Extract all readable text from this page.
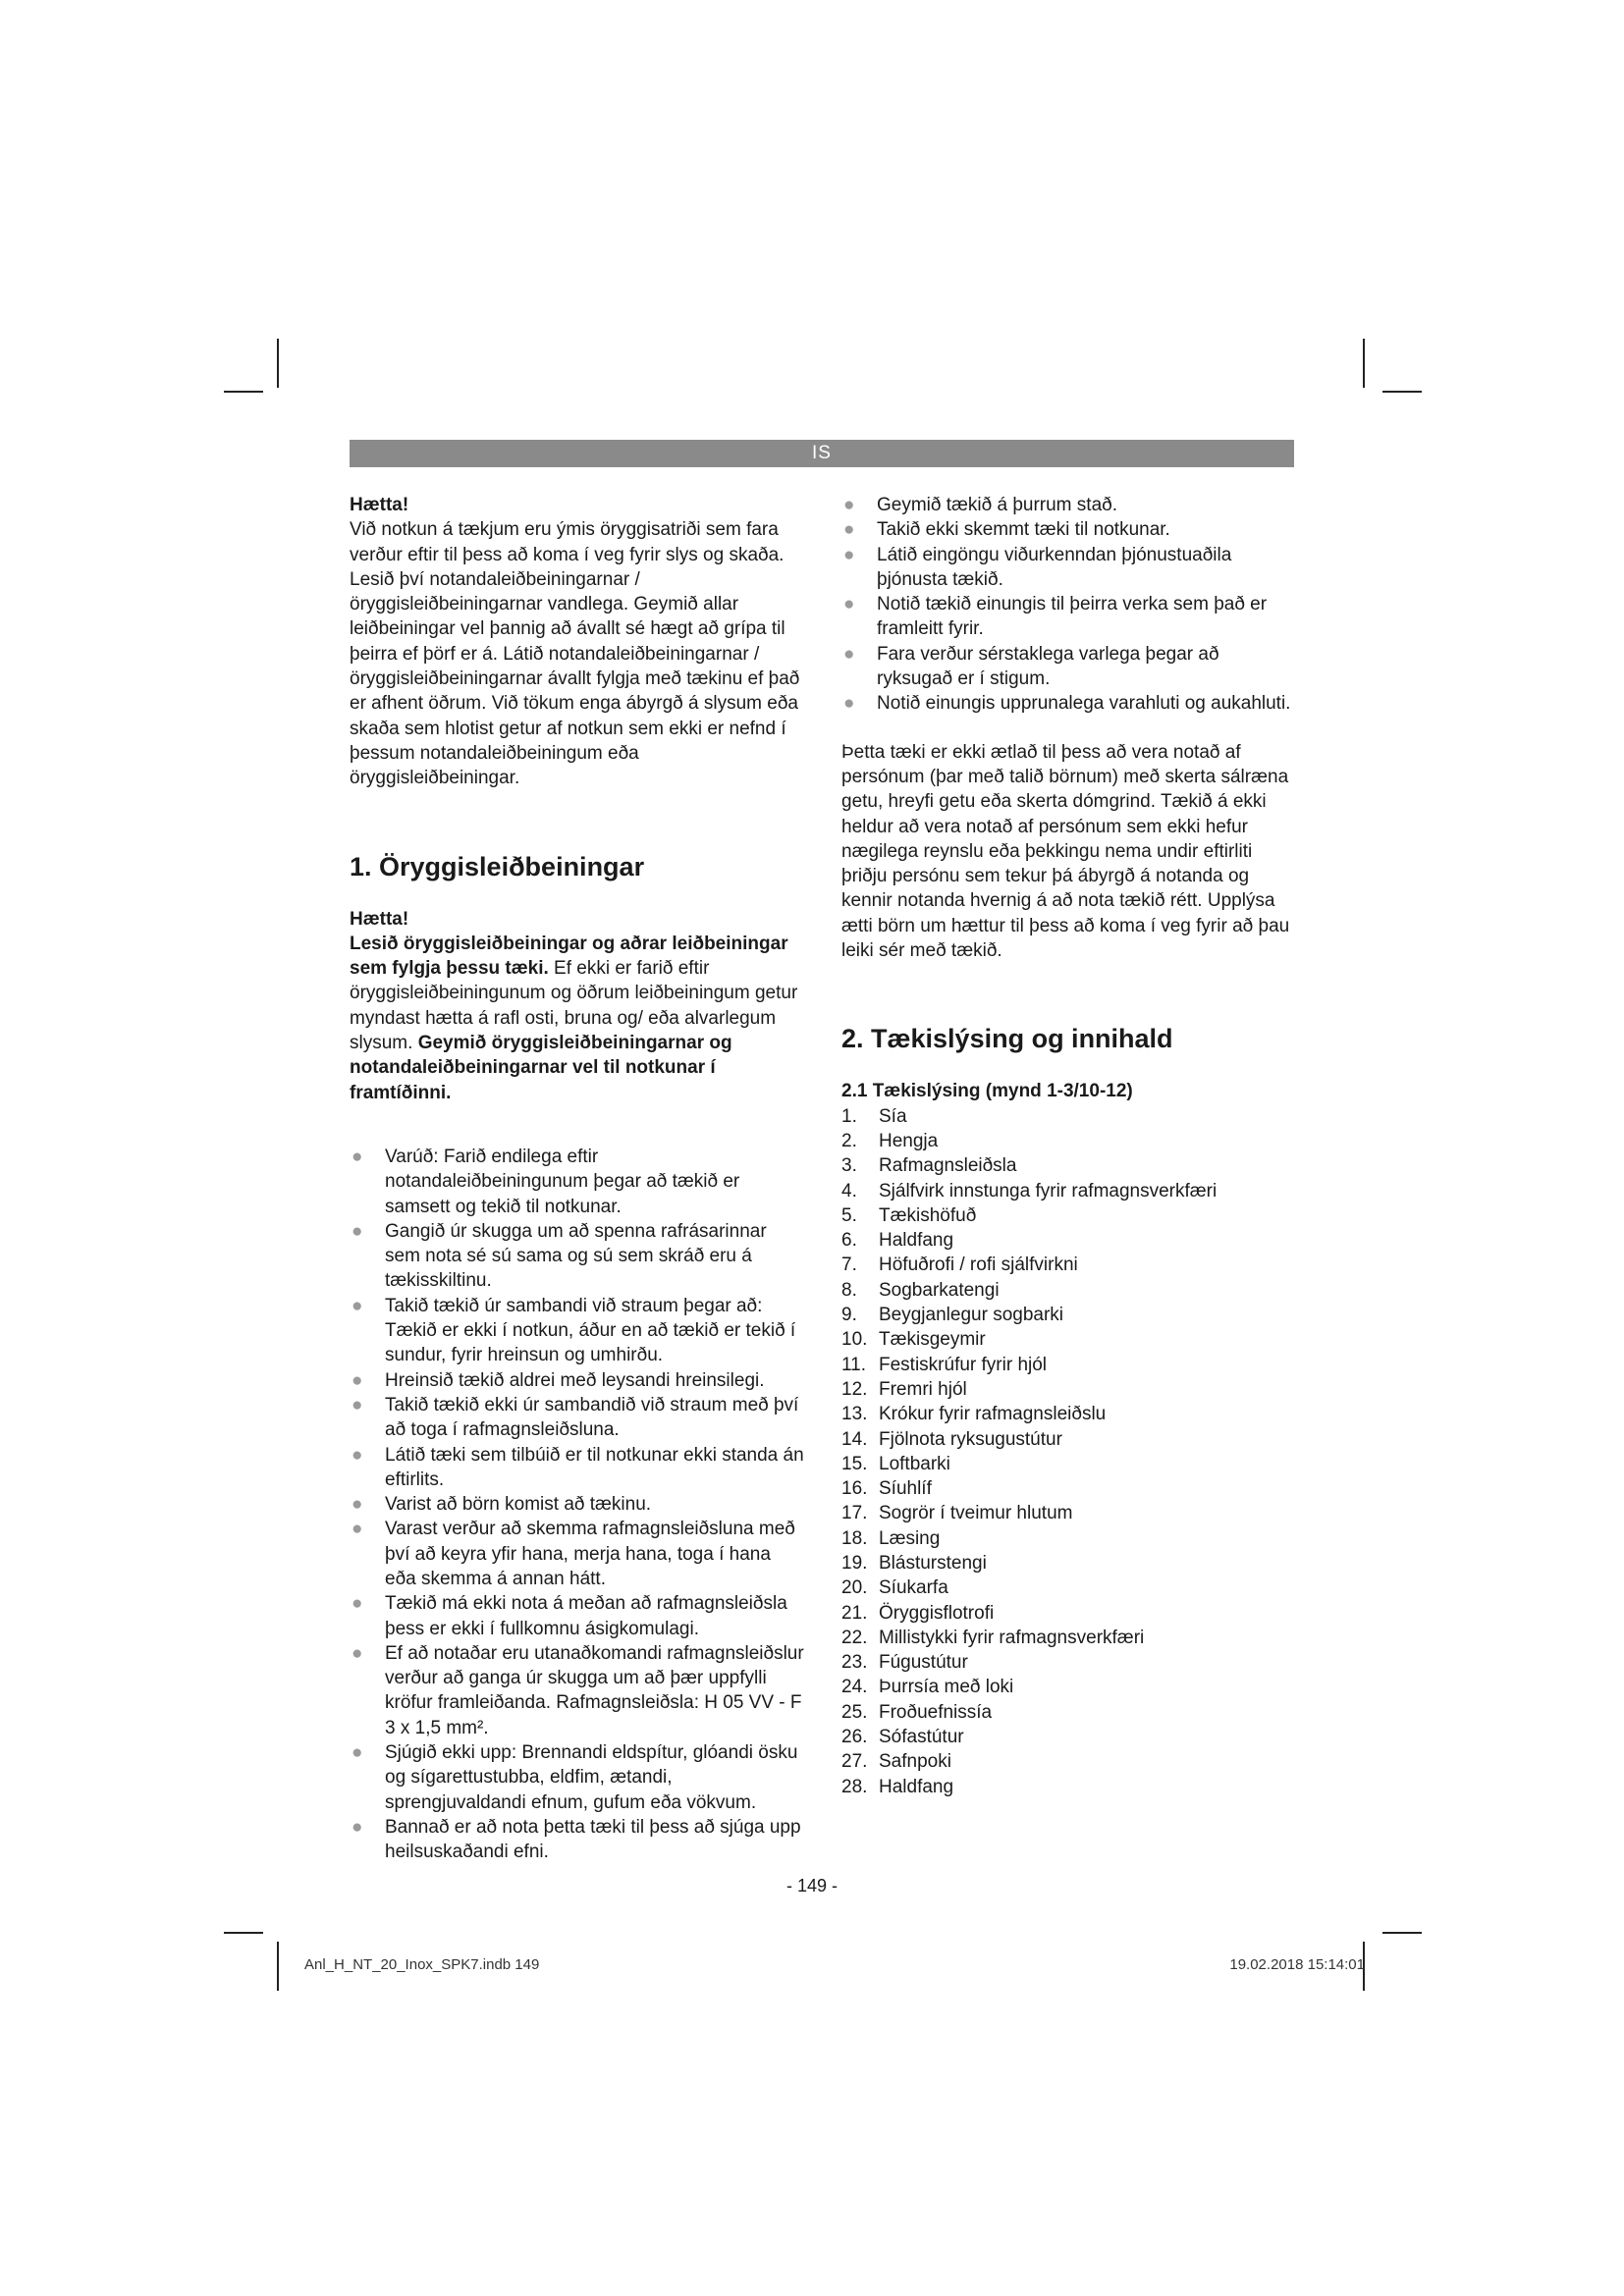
IS

Hætta!

Við notkun á tækjum eru ýmis öryggisatriði sem fara verður eftir til þess að koma í veg fyrir slys og skaða. Lesið því notandaleiðbeiningarnar / öryggisleiðbeiningarnar vandlega. Geymið allar leiðbeiningar vel þannig að ávallt sé hægt að grípa til þeirra ef þörf er á. Látið notandaleiðbeiningarnar / öryggisleiðbeiningarnar ávallt fylgja með tækinu ef það er afhent öðrum. Við tökum enga ábyrgð á slysum eða skaða sem hlotist getur af notkun sem ekki er nefnd í þessum notandaleiðbeiningum eða öryggisleiðbeiningar.

1. Öryggisleiðbeiningar

Hætta!

Lesið öryggisleiðbeiningar og aðrar leiðbeiningar sem fylgja þessu tæki. Ef ekki er farið eftir öryggisleiðbeiningunum og öðrum leiðbeiningum getur myndast hætta á rafl osti, bruna og/ eða alvarlegum slysum. Geymið öryggisleiðbeiningarnar og notandaleiðbeiningarnar vel til notkunar í framtíðinni.

● Varúð: Farið endilega eftir notandaleiðbeiningunum þegar að tækið er samsett og tekið til notkunar.
● Gangið úr skugga um að spenna rafrásarinnar sem nota sé sú sama og sú sem skráð eru á tækisskiltinu.
● Takið tækið úr sambandi við straum þegar að: Tækið er ekki í notkun, áður en að tækið er tekið í sundur, fyrir hreinsun og umhirðu.
● Hreinsið tækið aldrei með leysandi hreinsilegi.
● Takið tækið ekki úr sambandið við straum með því að toga í rafmagnsleiðsluna.
● Látið tæki sem tilbúið er til notkunar ekki standa án eftirlits.
● Varist að börn komist að tækinu.
● Varast verður að skemma rafmagnsleiðsluna með því að keyra yfir hana, merja hana, toga í hana eða skemma á annan hátt.
● Tækið má ekki nota á meðan að rafmagnsleiðsla þess er ekki í fullkomnu ásigkomulagi.
● Ef að notaðar eru utanaðkomandi rafmagnsleiðslur verður að ganga úr skugga um að þær uppfylli kröfur framleiðanda. Rafmagnsleiðsla: H 05 VV - F 3 x 1,5 mm².
● Sjúgið ekki upp: Brennandi eldspítur, glóandi ösku og sígarettustubba, eldfim, ætandi, sprengjuvaldandi efnum, gufum eða vökvum.
● Bannað er að nota þetta tæki til þess að sjúga upp heilsuskaðandi efni.
● Geymið tækið á þurrum stað.
● Takið ekki skemmt tæki til notkunar.
● Látið eingöngu viðurkenndan þjónustuaðila þjónusta tækið.
● Notið tækið einungis til þeirra verka sem það er framleitt fyrir.
● Fara verður sérstaklega varlega þegar að ryksugað er í stigum.
● Notið einungis upprunalega varahluti og aukahluti.

Þetta tæki er ekki ætlað til þess að vera notað af persónum (þar með talið börnum) með skerta sálræna getu, hreyfi getu eða skerta dómgrind. Tækið á ekki heldur að vera notað af persónum sem ekki hefur nægilega reynslu eða þekkingu nema undir eftirliti þriðju persónu sem tekur þá ábyrgð á notanda og kennir notanda hvernig á að nota tækið rétt. Upplýsa ætti börn um hættur til þess að koma í veg fyrir að þau leiki sér með tækið.

2. Tækislýsing og innihald
2.1 Tækislýsing (mynd 1-3/10-12)
1.	Sía
2.	Hengja
3.	Rafmagnsleiðsla
4.	Sjálfvirk innstunga fyrir rafmagnsverkfæri
5.	Tækishöfuð
6.	Haldfang
7.	Höfuðrofi / rofi sjálfvirkni
8.	Sogbarkatengi
9.	Beygjanlegur sogbarki
10. Tækisgeymir
11. Festiskrúfur fyrir hjól
12. Fremri hjól
13. Krókur fyrir rafmagnsleiðslu
14. Fjölnota ryksugustútur
15. Loftbarki
16. Síuhlíf
17. Sogrör í tveimur hlutum
18. Læsing
19. Blásturstengi
20. Síukarfa
21. Öryggisflotrofi
22. Millistykki fyrir rafmagnsverkfæri
23. Fúgustútur
24. Þurrsía með loki
25. Froðuefnissía
26. Sófastútur
27. Safnpoki
28. Haldfang
- 149 -
Anl_H_NT_20_Inox_SPK7.indb 149	19.02.2018 15:14:01
